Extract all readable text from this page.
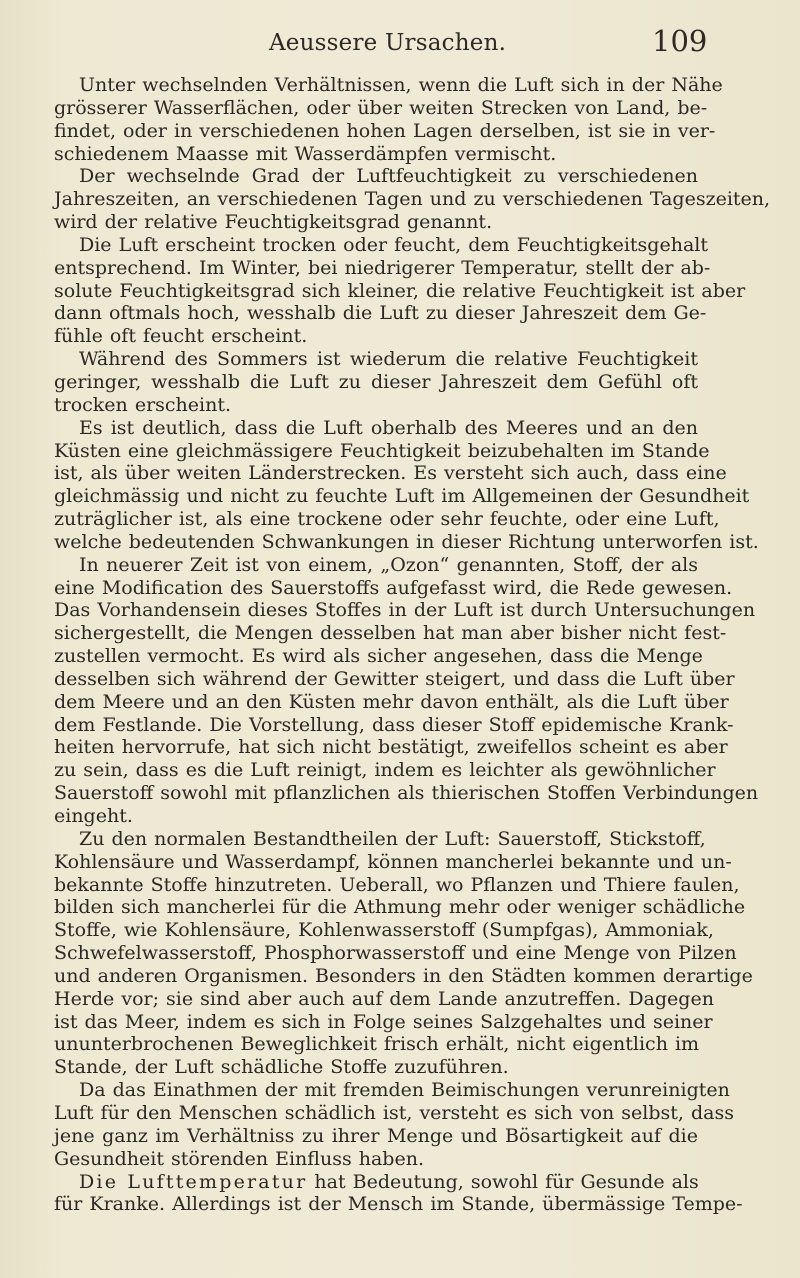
Aeussere Ursachen.	109
Unter wechselnden Verhältnissen, wenn die Luft sich in der Nähe
grösserer Wasserflächen, oder über weiten Strecken von Land, be-
findet, oder in verschiedenen hohen Lagen derselben, ist sie in ver-
schiedenem Maasse mit Wasserdämpfen vermischt.
Der wechselnde Grad der Luftfeuchtigkeit zu verschiedenen
Jahreszeiten, an verschiedenen Tagen und zu verschiedenen Tageszeiten,
wird der relative Feuchtigkeitsgrad genannt.
Die Luft erscheint trocken oder feucht, dem Feuchtigkeitsgehalt
entsprechend. Im Winter, bei niedrigerer Temperatur, stellt der ab-
solute Feuchtigkeitsgrad sich kleiner, die relative Feuchtigkeit ist aber
dann oftmals hoch, wesshalb die Luft zu dieser Jahreszeit dem Ge-
fühle oft feucht erscheint.
Während des Sommers ist wiederum die relative Feuchtigkeit
geringer, wesshalb die Luft zu dieser Jahreszeit dem Gefühl oft
trocken erscheint.
Es ist deutlich, dass die Luft oberhalb des Meeres und an den
Küsten eine gleichmässigere Feuchtigkeit beizubehalten im Stande
ist, als über weiten Länderstrecken. Es versteht sich auch, dass eine
gleichmässig und nicht zu feuchte Luft im Allgemeinen der Gesundheit
zuträglicher ist, als eine trockene oder sehr feuchte, oder eine Luft,
welche bedeutenden Schwankungen in dieser Richtung unterworfen ist.
In neuerer Zeit ist von einem, „Ozon“ genannten, Stoff, der als
eine Modification des Sauerstoffs aufgefasst wird, die Rede gewesen.
Das Vorhandensein dieses Stoffes in der Luft ist durch Untersuchungen
sichergestellt, die Mengen desselben hat man aber bisher nicht fest-
zustellen vermocht. Es wird als sicher angesehen, dass die Menge
desselben sich während der Gewitter steigert, und dass die Luft über
dem Meere und an den Küsten mehr davon enthält, als die Luft über
dem Festlande. Die Vorstellung, dass dieser Stoff epidemische Krank-
heiten hervorrufe, hat sich nicht bestätigt, zweifellos scheint es aber
zu sein, dass es die Luft reinigt, indem es leichter als gewöhnlicher
Sauerstoff sowohl mit pflanzlichen als thierischen Stoffen Verbindungen
eingeht.
Zu den normalen Bestandtheilen der Luft: Sauerstoff, Stickstoff,
Kohlensäure und Wasserdampf, können mancherlei bekannte und un-
bekannte Stoffe hinzutreten. Ueberall, wo Pflanzen und Thiere faulen,
bilden sich mancherlei für die Athmung mehr oder weniger schädliche
Stoffe, wie Kohlensäure, Kohlenwasserstoff (Sumpfgas), Ammoniak,
Schwefelwasserstoff, Phosphorwasserstoff und eine Menge von Pilzen
und anderen Organismen. Besonders in den Städten kommen derartige
Herde vor; sie sind aber auch auf dem Lande anzutreffen. Dagegen
ist das Meer, indem es sich in Folge seines Salzgehaltes und seiner
ununterbrochenen Beweglichkeit frisch erhält, nicht eigentlich im
Stande, der Luft schädliche Stoffe zuzuführen.
Da das Einathmen der mit fremden Beimischungen verunreinigten
Luft für den Menschen schädlich ist, versteht es sich von selbst, dass
jene ganz im Verhältniss zu ihrer Menge und Bösartigkeit auf die
Gesundheit störenden Einfluss haben.
Die Lufttemperatur hat Bedeutung, sowohl für Gesunde als
für Kranke. Allerdings ist der Mensch im Stande, übermässige Tempe-
